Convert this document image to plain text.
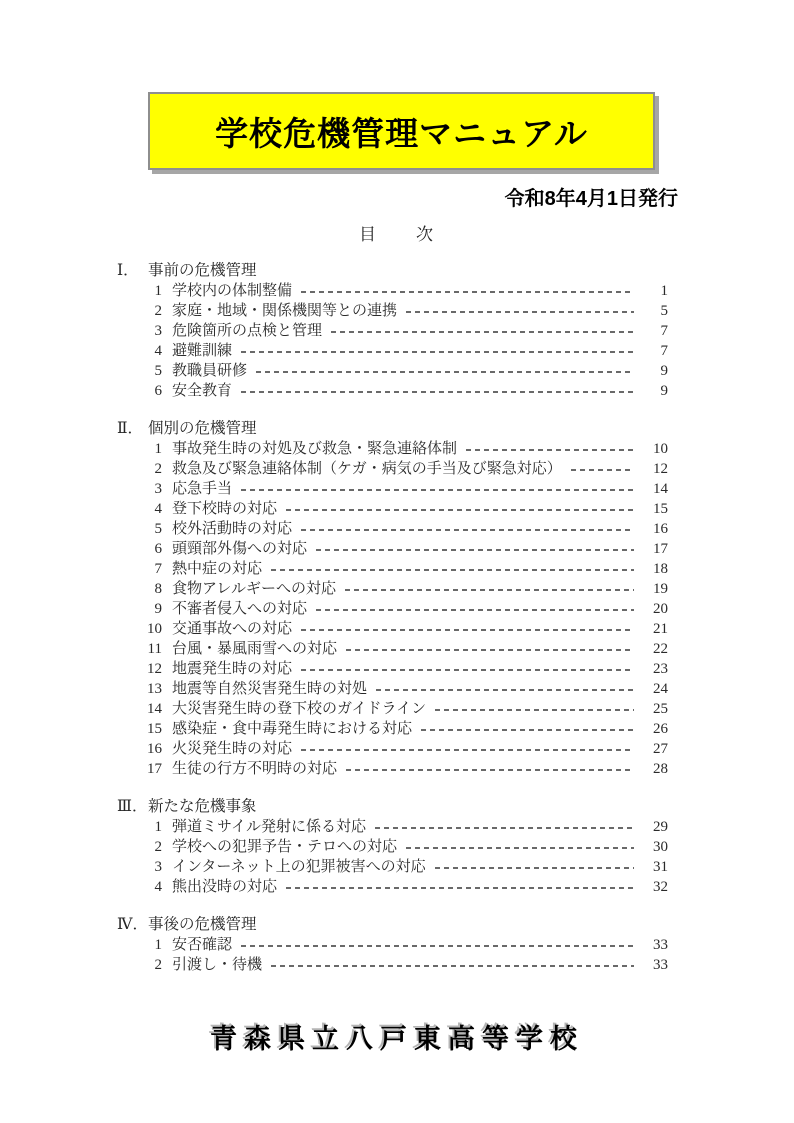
学校危機管理マニュアル
令和8年4月1日発行
目　　次
Ⅰ． 事前の危機管理
1 学校内の体制整備	1
2 家庭・地域・関係機関等との連携	5
3 危険箇所の点検と管理	7
4 避難訓練	7
5 教職員研修	9
6 安全教育	9
Ⅱ． 個別の危機管理
1 事故発生時の対処及び救急・緊急連絡体制	10
2 救急及び緊急連絡体制（ケガ・病気の手当及び緊急対応）	12
3 応急手当	14
4 登下校時の対応	15
5 校外活動時の対応	16
6 頭頸部外傷への対応	17
7 熱中症の対応	18
8 食物アレルギーへの対応	19
9 不審者侵入への対応	20
10 交通事故への対応	21
11 台風・暴風雨雪への対応	22
12 地震発生時の対応	23
13 地震等自然災害発生時の対処	24
14 大災害発生時の登下校のガイドライン	25
15 感染症・食中毒発生時における対応	26
16 火災発生時の対応	27
17 生徒の行方不明時の対応	28
Ⅲ． 新たな危機事象
1 弾道ミサイル発射に係る対応	29
2 学校への犯罪予告・テロへの対応	30
3 インターネット上の犯罪被害への対応	31
4 熊出没時の対応	32
Ⅳ． 事後の危機管理
1 安否確認	33
2 引渡し・待機	33
青森県立八戸東高等学校
